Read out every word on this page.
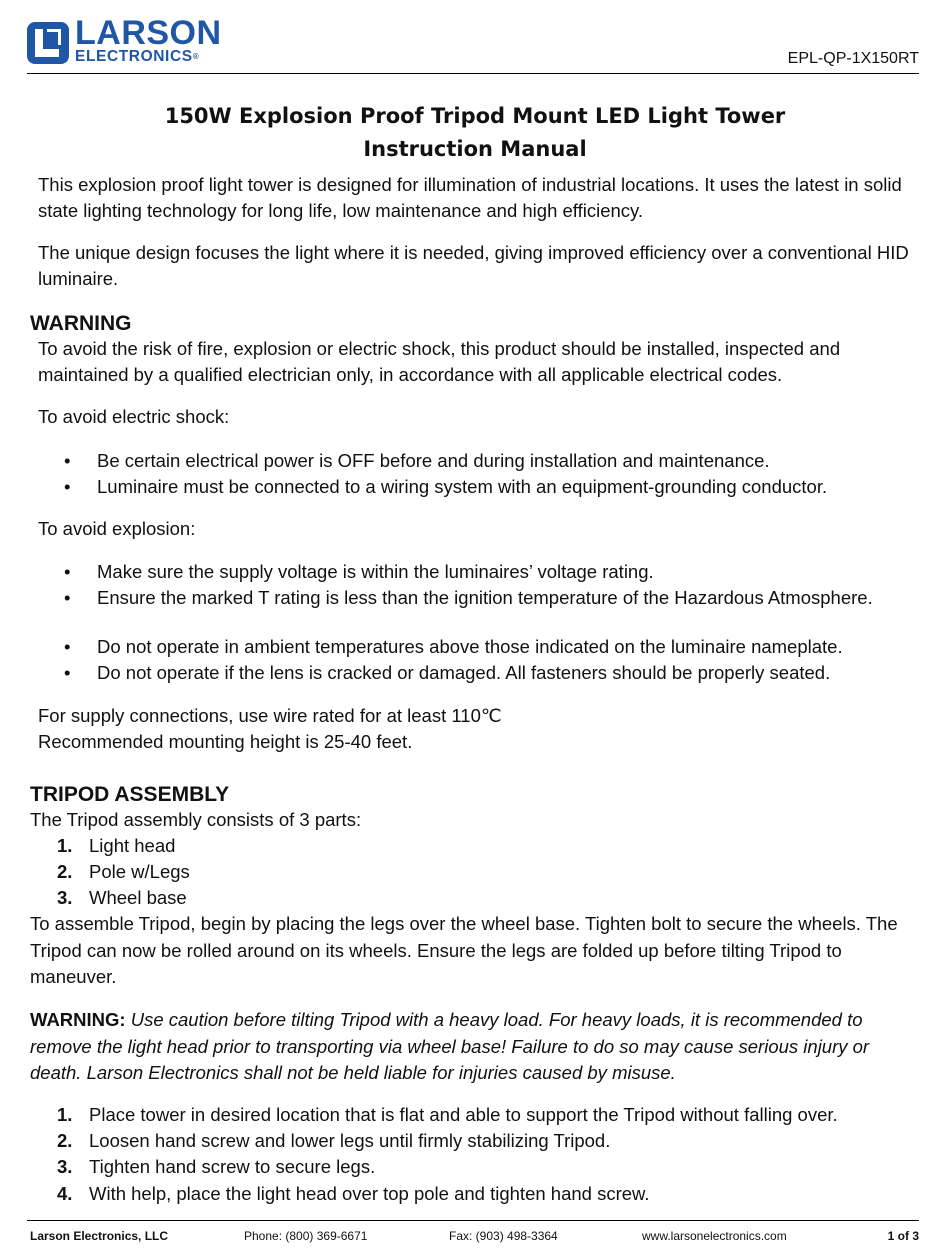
LARSON
ELECTRONICS®	EPL-QP-1X150RT
150W Explosion Proof Tripod Mount LED Light Tower
Instruction Manual

This explosion proof light tower is designed for illumination of industrial locations. It uses the latest in solid state lighting technology for long life, low maintenance and high efficiency.

The unique design focuses the light where it is needed, giving improved efficiency over a conventional HID luminaire.

WARNING

To avoid the risk of fire, explosion or electric shock, this product should be installed, inspected and maintained by a qualified electrician only, in accordance with all applicable electrical codes.

To avoid electric shock:

• Be certain electrical power is OFF before and during installation and maintenance.
• Luminaire must be connected to a wiring system with an equipment-grounding conductor.

To avoid explosion:

• Make sure the supply voltage is within the luminaires’ voltage rating.
• Ensure the marked T rating is less than the ignition temperature of the Hazardous Atmosphere.
• Do not operate in ambient temperatures above those indicated on the luminaire nameplate.
• Do not operate if the lens is cracked or damaged. All fasteners should be properly seated.

For supply connections, use wire rated for at least 110℃

Recommended mounting height is 25-40 feet.

TRIPOD ASSEMBLY

The Tripod assembly consists of 3 parts:

1. Light head
2. Pole w/Legs
3. Wheel base

To assemble Tripod, begin by placing the legs over the wheel base. Tighten bolt to secure the wheels. The Tripod can now be rolled around on its wheels. Ensure the legs are folded up before tilting Tripod to maneuver.

WARNING: Use caution before tilting Tripod with a heavy load. For heavy loads, it is recommended to remove the light head prior to transporting via wheel base! Failure to do so may cause serious injury or death. Larson Electronics shall not be held liable for injuries caused by misuse.

1. Place tower in desired location that is flat and able to support the Tripod without falling over.
2. Loosen hand screw and lower legs until firmly stabilizing Tripod.
3. Tighten hand screw to secure legs.
4. With help, place the light head over top pole and tighten hand screw.
Larson Electronics, LLC	Phone: (800) 369-6671	Fax: (903) 498-3364	www.larsonelectronics.com	1 of 3
